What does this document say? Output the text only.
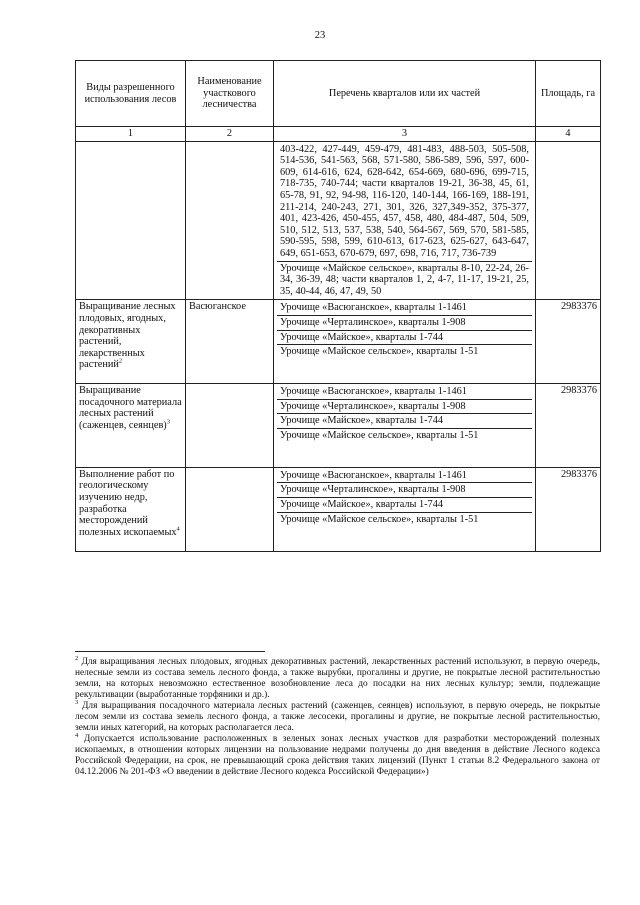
23
Виды разрешенного использования лесов	Наименование участкового лесничества	Перечень кварталов или их частей	Площадь, га
1	2	3	4

		403-422, 427-449, 459-479, 481-483, 488-503, 505-508, 514-536, 541-563, 568, 571-580, 586-589, 596, 597, 600-609, 614-616, 624, 628-642, 654-669, 680-696, 699-715, 718-735, 740-744; части кварталов 19-21, 36-38, 45, 61, 65-78, 91, 92, 94-98, 116-120, 140-144, 166-169, 188-191, 211-214, 240-243, 271, 301, 326, 327,349-352, 375-377, 401, 423-426, 450-455, 457, 458, 480, 484-487, 504, 509, 510, 512, 513, 537, 538, 540, 564-567, 569, 570, 581-585, 590-595, 598, 599, 610-613, 617-623, 625-627, 643-647, 649, 651-653, 670-679, 697, 698, 716, 717, 736-739
Урочище «Майское сельское», кварталы 8-10, 22-24, 26-34, 36-39, 48; части кварталов 1, 2, 4-7, 11-17, 19-21, 25, 35, 40-44, 46, 47, 49, 50	

Выращивание лесных плодовых, ягодных, декоративных растений, лекарственных растений$^2$	Васюганское	Урочище «Васюганское», кварталы 1-1461
Урочище «Черталинское», кварталы 1-908
Урочище «Майское», кварталы 1-744
Урочище «Майское сельское», кварталы 1-51	2983376
Выращивание посадочного материала лесных растений (саженцев, сеянцев)$^3$		Урочище «Васюганское», кварталы 1-1461
Урочище «Черталинское», кварталы 1-908
Урочище «Майское», кварталы 1-744
Урочище «Майское сельское», кварталы 1-51	2983376
Выполнение работ по геологическому изучению недр, разработка месторождений полезных ископаемых$^4$		Урочище «Васюганское», кварталы 1-1461
Урочище «Черталинское», кварталы 1-908
Урочище «Майское», кварталы 1-744
Урочище «Майское сельское», кварталы 1-51	2983376

$^2$ Для выращивания лесных плодовых, ягодных декоративных растений, лекарственных растений используют, в первую очередь, нелесные земли из состава земель лесного фонда, а также вырубки, прогалины и другие, не покрытые лесной растительностью земли, на которых невозможно естественное возобновление леса до посадки на них лесных культур; земли, подлежащие рекультивации (выработанные торфяники и др.).

$^3$ Для выращивания посадочного материала лесных растений (саженцев, сеянцев) используют, в первую очередь, не покрытые лесом земли из состава земель лесного фонда, а также лесосеки, прогалины и другие, не покрытые лесной растительностью, земли иных категорий, на которых располагается леса.

$^4$ Допускается использование расположенных в зеленых зонах лесных участков для разработки месторождений полезных ископаемых, в отношении которых лицензии на пользование недрами получены до дня введения в действие Лесного кодекса Российской Федерации, на срок, не превышающий срока действия таких лицензий (Пункт 1 статьи 8.2 Федерального закона от 04.12.2006 № 201-ФЗ «О введении в действие Лесного кодекса Российской Федерации»)
